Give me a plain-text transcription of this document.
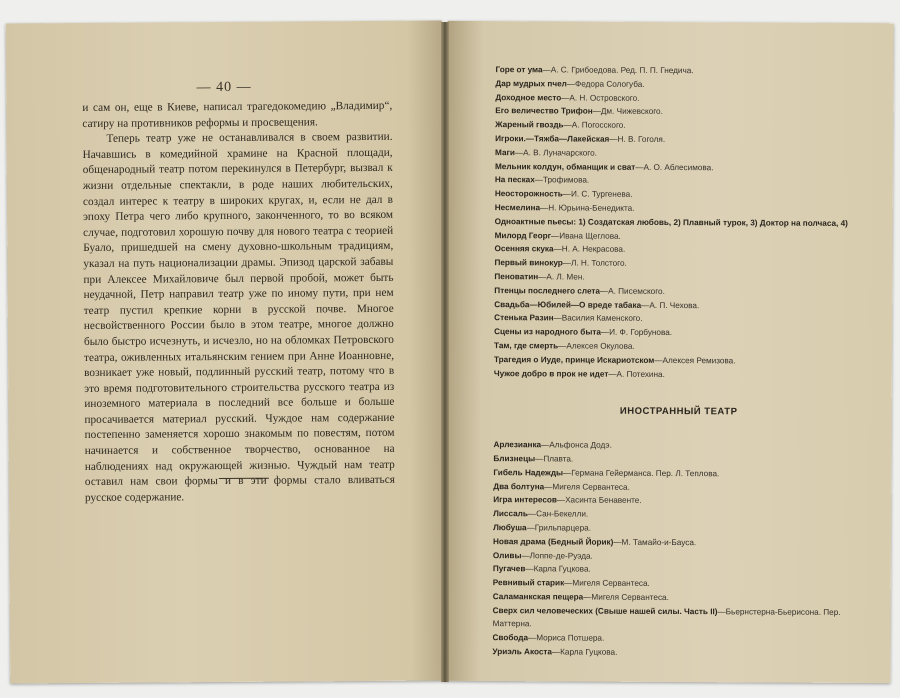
— 40 —

и сам он, еще в Киеве, написал трагедокомедию „Владимир“, сатиру на противников реформы и просвещения.

Теперь театр уже не останавливался в своем развитии. Начавшись в комедийной храмине на Красной площади, общенародный театр потом перекинулся в Петербург, вызвал к жизни отдельные спектакли, в роде наших любительских, создал интерес к театру в широких кругах, и, если не дал в эпоху Петра чего либо крупного, законченного, то во всяком случае, подготовил хорошую почву для нового театра с теорией Буало, пришедшей на смену духовно-школьным традициям, указал на путь национализации драмы. Эпизод царской забавы при Алексее Михайловиче был первой пробой, может быть неудачной, Петр направил театр уже по иному пути, при нем театр пустил крепкие корни в русской почве. Многое несвойственного России было в этом театре, многое должно было быстро исчезнуть, и исчезло, но на обломках Петровского театра, оживленных итальянским гением при Анне Иоанновне, возникает уже новый, подлинный русский театр, потому что в это время подготовительного строительства русского театра из иноземного материала в последний все больше и больше просачивается материал русский. Чуждое нам содержание постепенно заменяется хорошо знакомым по повестям, потом начинается и собственное творчество, основанное на наблюдениях над окружающей жизнью. Чуждый нам театр оставил нам свои формы и в эти формы стало вливаться русское содержание.

Горе от ума—А. С. Грибоедова. Ред. П. П. Гнедича.
Дар мудрых пчел—Федора Сологуба.
Доходное место—А. Н. Островского.
Его величество Трифон—Дм. Чижевского.
Жареный гвоздь—А. Погосского.
Игроки.—Тяжба—Лакейская—Н. В. Гоголя.
Маги—А. В. Луначарского.
Мельник колдун, обманщик и сват—А. О. Аблесимова.
На песках—Трофимова.
Неосторожность—И. С. Тургенева.
Несмелина—Н. Юрьина-Бенедикта.
Одноактные пьесы: 1) Создатская любовь, 2) Плавный турок, 3) Доктор на полчаса, 4) Милорд Георг—Ивана Щеглова.
Осенняя скука—Н. А. Некрасова.
Первый винокур—Л. Н. Толстого.
Пеноватин—А. Л. Мен.
Птенцы последнего слета—А. Писемского.
Свадьба—Юбилей—О вреде табака—А. П. Чехова.
Стенька Разин—Василия Каменского.
Сцены из народного быта—И. Ф. Горбунова.
Там, где смерть—Алексея Окулова.
Трагедия о Иуде, принце Искариотском—Алексея Ремизова.
Чужое добро в прок не идет—А. Потехина.
ИНОСТРАННЫЙ ТЕАТР
Арлезианка—Альфонса Додэ.
Близнецы—Плавта.
Гибель Надежды—Германа Гейерманса. Пер. Л. Теплова.
Два болтуна—Мигеля Сервантеса.
Игра интересов—Хасинта Бенавенте.
Лиссаль—Сан-Бекелли.
Любуша—Грильпарцера.
Новая драма (Бедный Йорик)—М. Тамайо-и-Бауса.
Оливы—Лоппе-де-Руэда.
Пугачев—Карла Гуцкова.
Ревнивый старик—Мигеля Сервантеса.
Саламанкская пещера—Мигеля Сервантеса.
Сверх сил человеческих (Свыше нашей силы. Часть II)—Бьернстерна-Бьерисона. Пер. Маттерна.
Свобода—Мориса Потшера.
Уриэль Акоста—Карла Гуцкова.
